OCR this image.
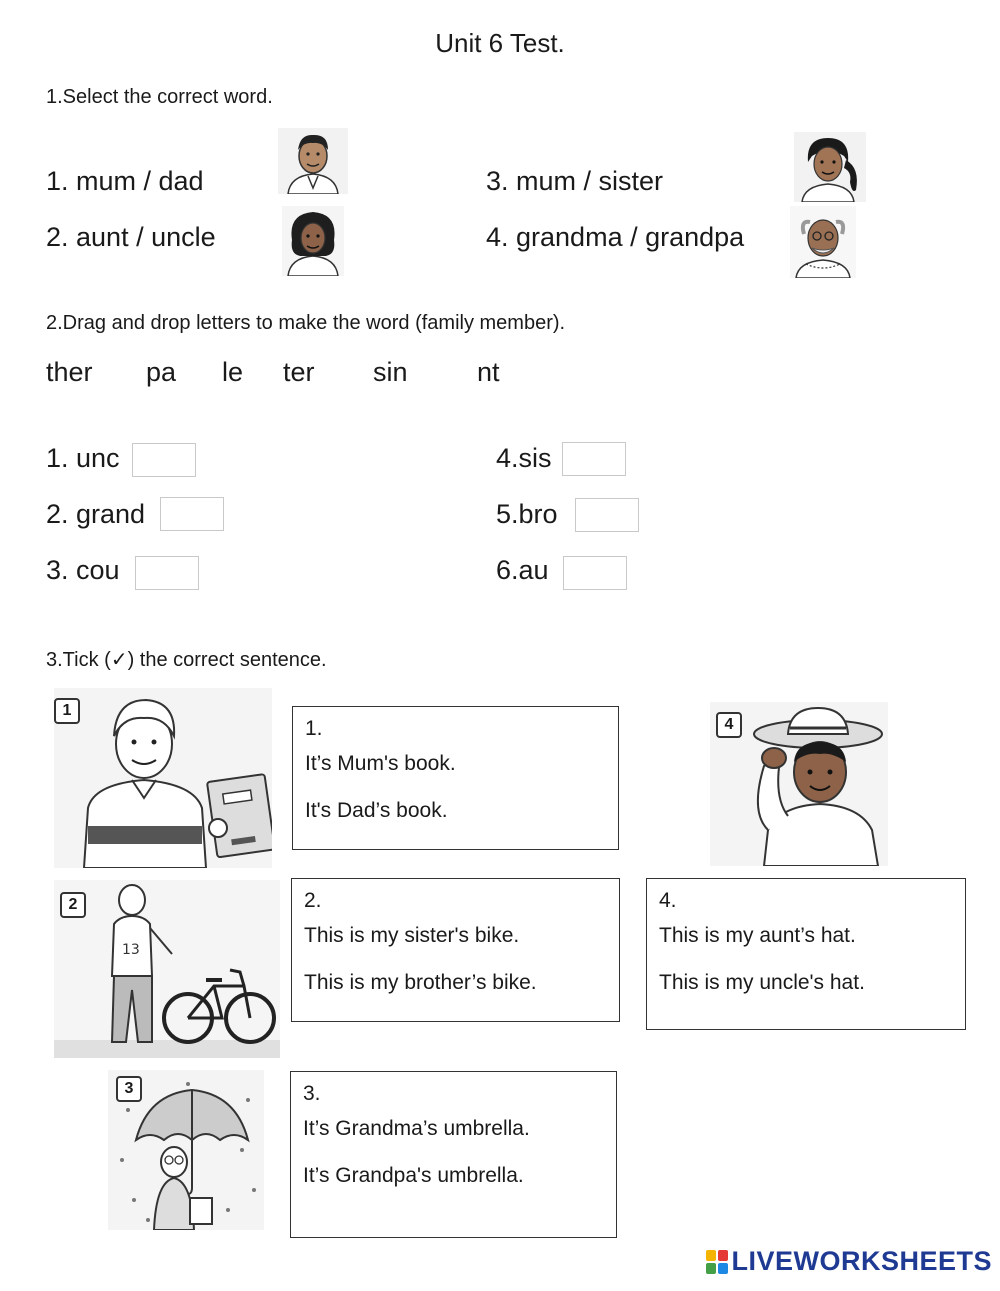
Unit 6 Test.
1.Select the correct word.
1. mum / dad
2. aunt / uncle
3. mum / sister
4. grandma / grandpa
2.Drag and drop letters to make the word (family member).
ther pa le ter sin	nt
1. unc
2. grand
3. cou
4.sis
5.bro
6.au
3.Tick (✓) the correct sentence.
1
13
2
3
4
1.
It’s Mum's book.
It's Dad’s book.
2.
This is my sister's bike.
This is my brother’s bike.
3.
It’s Grandma’s umbrella.
It’s Grandpa's umbrella.
4.
This is my aunt’s hat.
This is my uncle's hat.
LIVEWORKSHEETS
